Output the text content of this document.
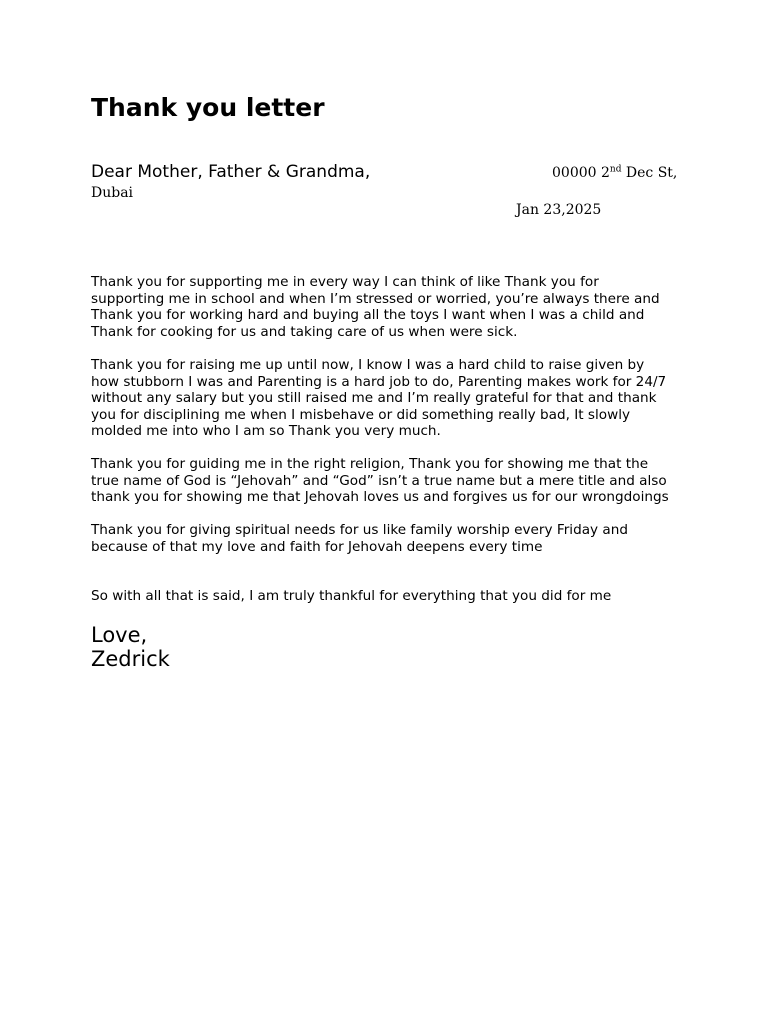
Thank you letter
Dear Mother, Father & Grandma,	00000 2nd Dec St,
Dubai
Jan 23,2025

Thank you for supporting me in every way I can think of like Thank you for
supporting me in school and when I’m stressed or worried, you’re always there and
Thank you for working hard and buying all the toys I want when I was a child and
Thank for cooking for us and taking care of us when were sick.

Thank you for raising me up until now, I know I was a hard child to raise given by
how stubborn I was and Parenting is a hard job to do, Parenting makes work for 24/7
without any salary but you still raised me and I’m really grateful for that and thank
you for disciplining me when I misbehave or did something really bad, It slowly
molded me into who I am so Thank you very much.

Thank you for guiding me in the right religion, Thank you for showing me that the
true name of God is “Jehovah” and “God” isn’t a true name but a mere title and also
thank you for showing me that Jehovah loves us and forgives us for our wrongdoings

Thank you for giving spiritual needs for us like family worship every Friday and
because of that my love and faith for Jehovah deepens every time

So with all that is said, I am truly thankful for everything that you did for me

Love,
Zedrick
